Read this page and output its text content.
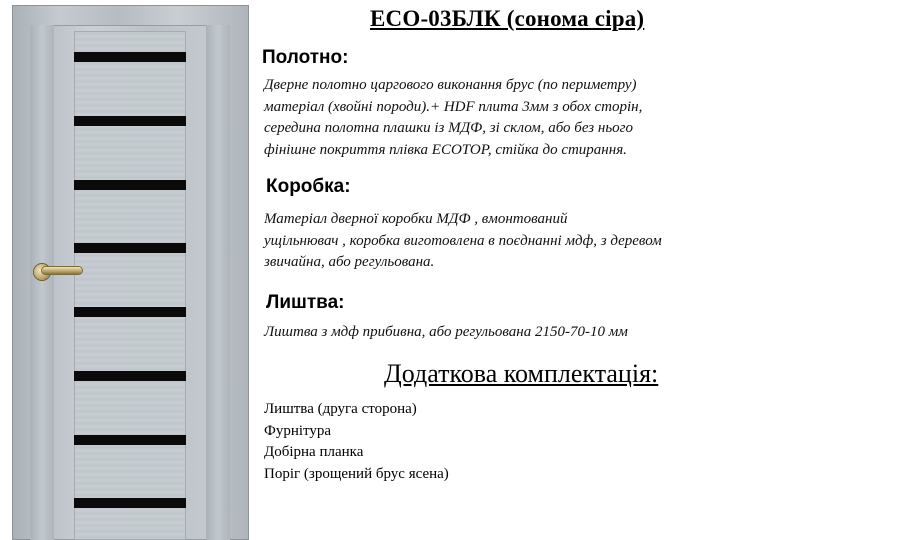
ECO-03БЛК (сонома сіра)
Полотно:
Дверне полотно царгового виконання брус (по периметру)
матеріал (хвойні породи).+ HDF плита 3мм з обох сторін,
середина полотна плашки із МДФ, зі склом, або без нього
фінішне покриття плівка ECOTOP, стійка до стирання.
Коробка:
Матеріал дверної коробки МДФ , вмонтований
ущільнювач , коробка виготовлена в поєднанні мдф, з деревом
звичайна, або регульована.
Лиштва:
Лиштва з мдф прибивна, або регульована 2150-70-10 мм
Додаткова комплектація:
Лиштва (друга сторона)
Фурнітура
Добірна планка
Поріг (зрощений брус ясена)
